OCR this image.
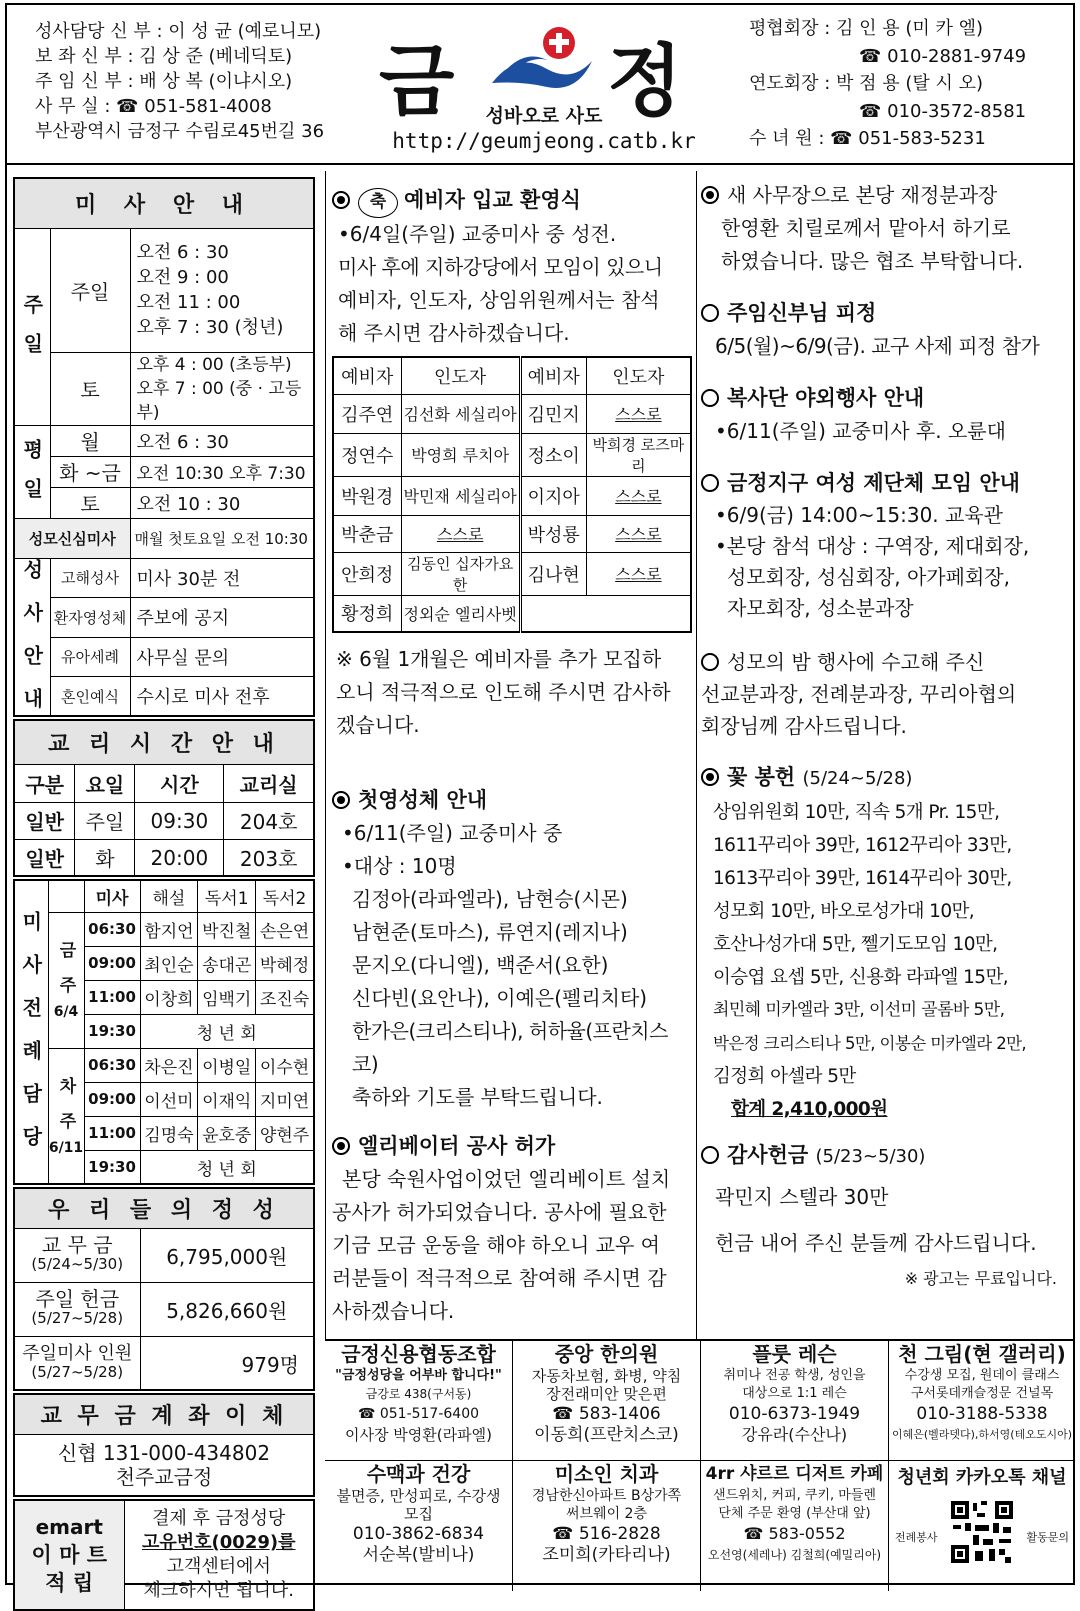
성사담당 신 부 : 이 성 균 (예로니모)
보 좌 신 부 : 김 상 준 (베네딕토)
주 임 신 부 : 배 상 복 (이냐시오)
사 무 실 : ☎ 051-581-4008
부산광역시 금정구 수림로45번길 36
금 정
성바오로 사도
http://geumjeong.catb.kr
평협회장 : 김 인 용 (미 카 엘)
☎ 010-2881-9749
연도회장 : 박 점 용 (탈 시 오)
☎ 010-3572-8581
수 녀 원 : ☎ 051-583-5231
미 사 안 내		
주 일	주일	오전 6 : 30
오전 9 : 00
오전 11 : 00
오후 7 : 30 (청년)

	토	오후 4 : 00 (초등부)
오후 7 : 00 (중 · 고등부)

평 일	월	오전 6 : 30
	화 ~금	오전 10:30 오후 7:30
	토	오전 10 : 30
성모신심미사		매월 첫토요일 오전 10:30
성 사 안 내	고해성사	미사 30분 전
	환자영성체	주보에 공지
	유아세례	사무실 문의
	혼인예식	수시로 미사 전후
교 리 시 간 안 내			
구분	요일	시간	교리실
일반	주일	09:30	204호
일반	화	20:00	203호
미 사 전 례 담 당		미사	해설	독서1	독서2
	금 주
6/4	06:30	함지언	박진철	손은연
		09:00	최인순	송대곤	박혜정
		11:00	이창희	임백기	조진숙
		19:30	청 년 회		
	차 주
6/11	06:30	차은진	이병일	이수현
		09:00	이선미	이재익	지미연
		11:00	김명숙	윤호중	양현주
		19:30	청 년 회		
우 리 들 의 정 성	

교 무 금
(5/24~5/30)	6,795,000원

주일 헌금
(5/27~5/28)	5,826,660원

주일미사 인원
(5/27~5/28)	979명
교 무 금 계 좌 이 체

신협 131-000-434802
천주교금정
emart
이 마 트
적 립

결제 후 금정성당
고유번호(0029)를
고객센터에서
체크하시면 됩니다.
축 예비자 입교 환영식
•6/4일(주일) 교중미사 중 성전.
미사 후에 지하강당에서 모임이 있으니
예비자, 인도자, 상임위원께서는 참석
해 주시면 감사하겠습니다.
예비자	인도자	예비자	인도자
김주연	김선화 세실리아	김민지	스스로
정연수	박영희 루치아	정소이	박희경 로즈마리
박원경	박민재 세실리아	이지아	스스로
박춘금	스스로	박성룡	스스로
안희정	김동인 십자가요한	김나현	스스로
황정희	정외순 엘리사벳		
※ 6월 1개월은 예비자를 추가 모집하
오니 적극적으로 인도해 주시면 감사하
겠습니다.
첫영성체 안내
•6/11(주일) 교중미사 중
•대상 : 10명
김정아(라파엘라), 남현승(시몬)
남현준(토마스), 류연지(레지나)
문지오(다니엘), 백준서(요한)
신다빈(요안나), 이예은(펠리치타)
한가은(크리스티나), 허하율(프란치스코)
축하와 기도를 부탁드립니다.
엘리베이터 공사 허가
본당 숙원사업이었던 엘리베이트 설치
공사가 허가되었습니다. 공사에 필요한
기금 모금 운동을 해야 하오니 교우 여
러분들이 적극적으로 참여해 주시면 감
사하겠습니다.
새 사무장으로 본당 재정분과장
한영환 치릴로께서 맡아서 하기로
하였습니다. 많은 협조 부탁합니다.
주임신부님 피정
6/5(월)~6/9(금). 교구 사제 피정 참가
복사단 야외행사 안내
•6/11(주일) 교중미사 후. 오륜대
금정지구 여성 제단체 모임 안내
•6/9(금) 14:00~15:30. 교육관
•본당 참석 대상 : 구역장, 제대회장,
성모회장, 성심회장, 아가페회장,
자모회장, 성소분과장
성모의 밤 행사에 수고해 주신
선교분과장, 전례분과장, 꾸리아협의
회장님께 감사드립니다.
꽃 봉헌 (5/24~5/28)
상임위원회 10만, 직속 5개 Pr. 15만,
1611꾸리아 39만, 1612꾸리아 33만,
1613꾸리아 39만, 1614꾸리아 30만,
성모회 10만, 바오로성가대 10만,
호산나성가대 5만, 쩰기도모임 10만,
이승엽 요셉 5만, 신용화 라파엘 15만,
최민혜 미카엘라 3만, 이선미 골롬바 5만,
박은정 크리스티나 5만, 이봉순 미카엘라 2만,
김정희 아셀라 5만
합계 2,410,000원
감사헌금 (5/23~5/30)
곽민지 스텔라 30만
헌금 내어 주신 분들께 감사드립니다.
※ 광고는 무료입니다.
금정신용협동조합
"금정성당을 어부바 합니다!"
금강로 438(구서동)
☎ 051-517-6400
이사장 박영환(라파엘)
중앙 한의원
자동차보험, 화병, 약침
장전래미안 맞은편
☎ 583-1406
이동희(프란치스코)
플룻 레슨
취미나 전공 학생, 성인을
대상으로 1:1 레슨
010-6373-1949
강유라(수산나)
천 그림(현 갤러리)
수강생 모집, 원데이 클래스
구서롯데캐슬정문 건널목
010-3188-5338
이혜은(벨라뎃다),하서영(테오도시아)
수맥과 건강
불면증, 만성피로, 수강생
모집
010-3862-6834
서순복(발비나)
미소인 치과
경남한신아파트 B상가쪽
써브웨이 2층
☎ 516-2828
조미희(카타리나)
4rr 샤르르 디저트 카페
샌드위치, 커피, 쿠키, 마들렌
단체 주문 환영 (부산대 앞)
☎ 583-0552
오선영(세레나) 김철희(예밀리아)
청년회 카카오톡 채널
전례봉사	활동문의
